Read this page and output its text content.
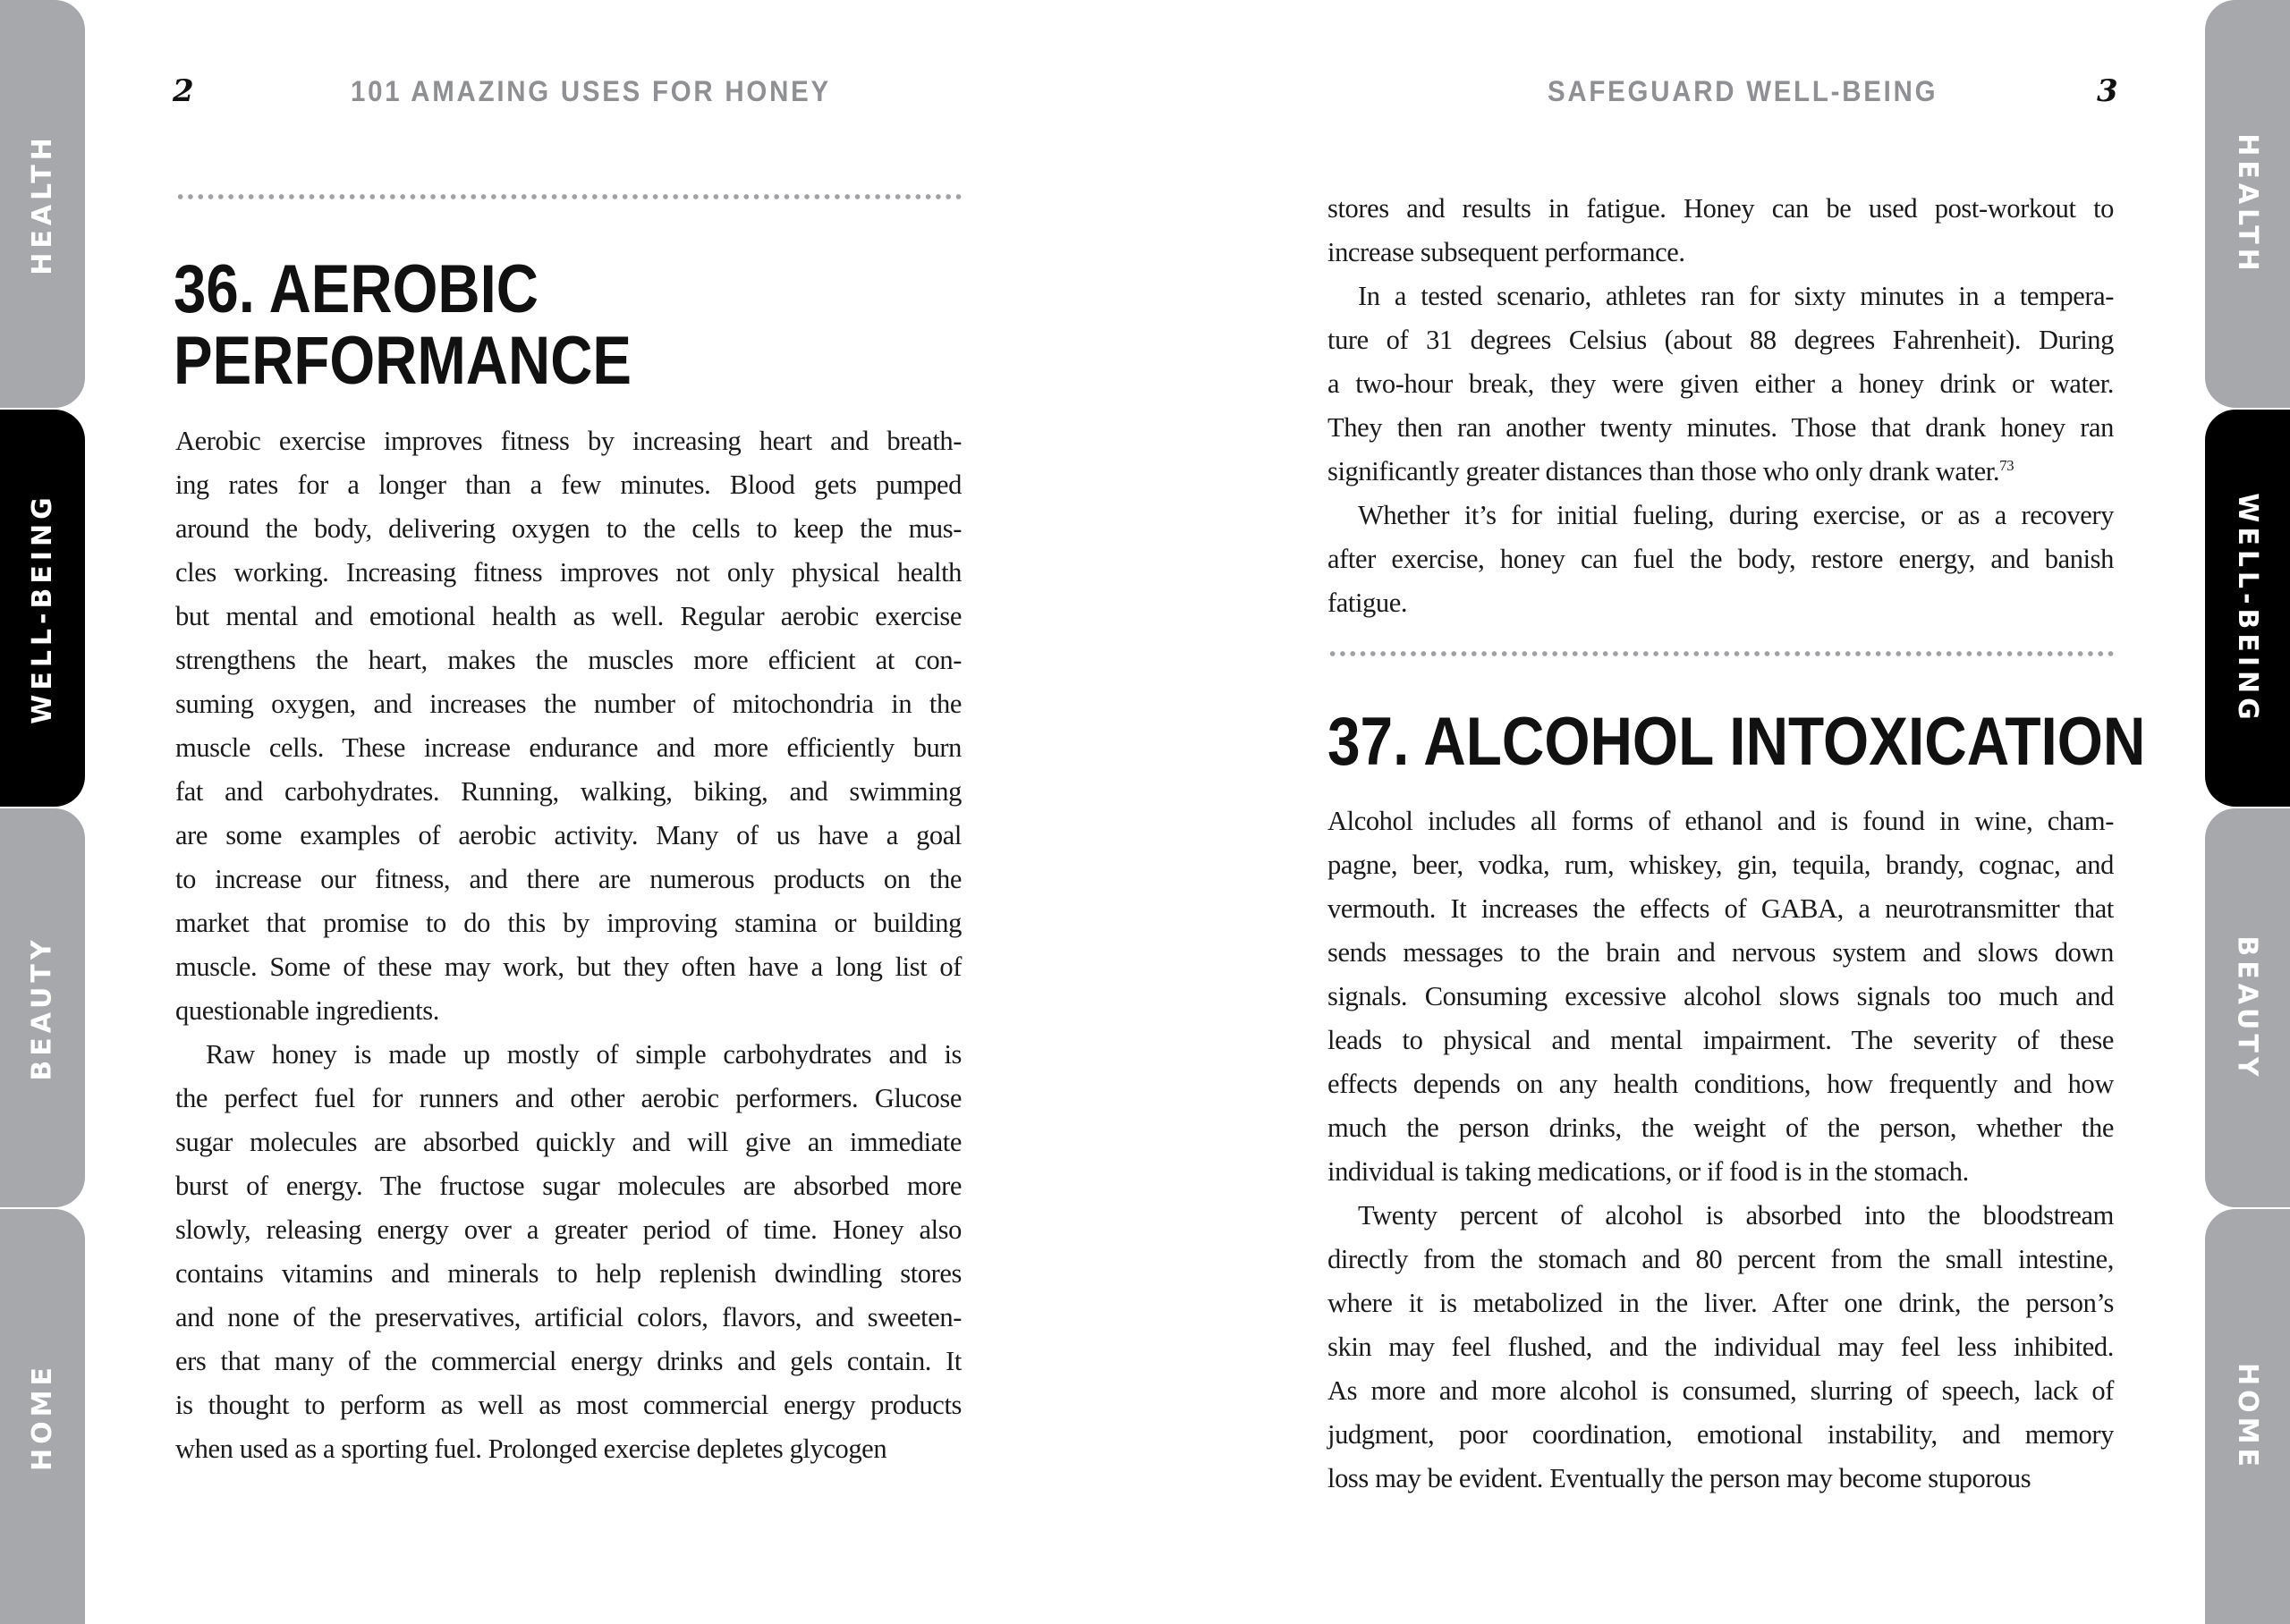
HEALTH
WELL-BEING
BEAUTY
HOME
HEALTH
WELL-BEING
BEAUTY
HOME
2	101 AMAZING USES FOR HONEY
36. AEROBIC
PERFORMANCE
Aerobic exercise improves fitness by increasing heart and breath-
ing rates for a longer than a few minutes. Blood gets pumped
around the body, delivering oxygen to the cells to keep the mus-
cles working. Increasing fitness improves not only physical health
but mental and emotional health as well. Regular aerobic exercise
strengthens the heart, makes the muscles more efficient at con-
suming oxygen, and increases the number of mitochondria in the
muscle cells. These increase endurance and more efficiently burn
fat and carbohydrates. Running, walking, biking, and swimming
are some examples of aerobic activity. Many of us have a goal
to increase our fitness, and there are numerous products on the
market that promise to do this by improving stamina or building
muscle. Some of these may work, but they often have a long list of
questionable ingredients.
Raw honey is made up mostly of simple carbohydrates and is
the perfect fuel for runners and other aerobic performers. Glucose
sugar molecules are absorbed quickly and will give an immediate
burst of energy. The fructose sugar molecules are absorbed more
slowly, releasing energy over a greater period of time. Honey also
contains vitamins and minerals to help replenish dwindling stores
and none of the preservatives, artificial colors, flavors, and sweeten-
ers that many of the commercial energy drinks and gels contain. It
is thought to perform as well as most commercial energy products
when used as a sporting fuel. Prolonged exercise depletes glycogen
SAFEGUARD WELL-BEING	3
stores and results in fatigue. Honey can be used post-workout to
increase subsequent performance.
In a tested scenario, athletes ran for sixty minutes in a tempera-
ture of 31 degrees Celsius (about 88 degrees Fahrenheit). During
a two-hour break, they were given either a honey drink or water.
They then ran another twenty minutes. Those that drank honey ran
significantly greater distances than those who only drank water.$^{73}$
Whether it’s for initial fueling, during exercise, or as a recovery
after exercise, honey can fuel the body, restore energy, and banish
fatigue.
37. ALCOHOL INTOXICATION
Alcohol includes all forms of ethanol and is found in wine, cham-
pagne, beer, vodka, rum, whiskey, gin, tequila, brandy, cognac, and
vermouth. It increases the effects of GABA, a neurotransmitter that
sends messages to the brain and nervous system and slows down
signals. Consuming excessive alcohol slows signals too much and
leads to physical and mental impairment. The severity of these
effects depends on any health conditions, how frequently and how
much the person drinks, the weight of the person, whether the
individual is taking medications, or if food is in the stomach.
Twenty percent of alcohol is absorbed into the bloodstream
directly from the stomach and 80 percent from the small intestine,
where it is metabolized in the liver. After one drink, the person’s
skin may feel flushed, and the individual may feel less inhibited.
As more and more alcohol is consumed, slurring of speech, lack of
judgment, poor coordination, emotional instability, and memory
loss may be evident. Eventually the person may become stuporous
